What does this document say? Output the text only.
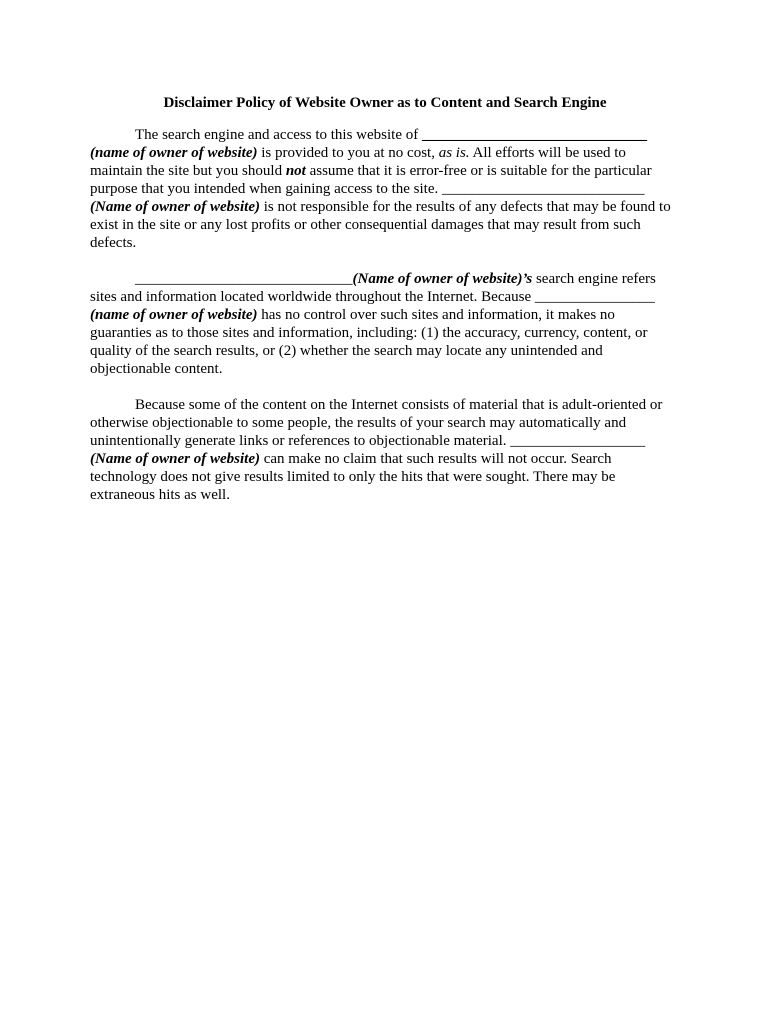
Disclaimer Policy of Website Owner as to Content and Search Engine
The search engine and access to this website of ______________________________
(name of owner of website) is provided to you at no cost, as is. All efforts will be used to
maintain the site but you should not assume that it is error-free or is suitable for the particular
purpose that you intended when gaining access to the site. ___________________________
(Name of owner of website) is not responsible for the results of any defects that may be found to
exist in the site or any lost profits or other consequential damages that may result from such
defects.
_____________________________(Name of owner of website)’s search engine refers
sites and information located worldwide throughout the Internet. Because ________________
(name of owner of website) has no control over such sites and information, it makes no
guaranties as to those sites and information, including: (1) the accuracy, currency, content, or
quality of the search results, or (2) whether the search may locate any unintended and
objectionable content.
Because some of the content on the Internet consists of material that is adult-oriented or
otherwise objectionable to some people, the results of your search may automatically and
unintentionally generate links or references to objectionable material. __________________
(Name of owner of website) can make no claim that such results will not occur. Search
technology does not give results limited to only the hits that were sought. There may be
extraneous hits as well.
